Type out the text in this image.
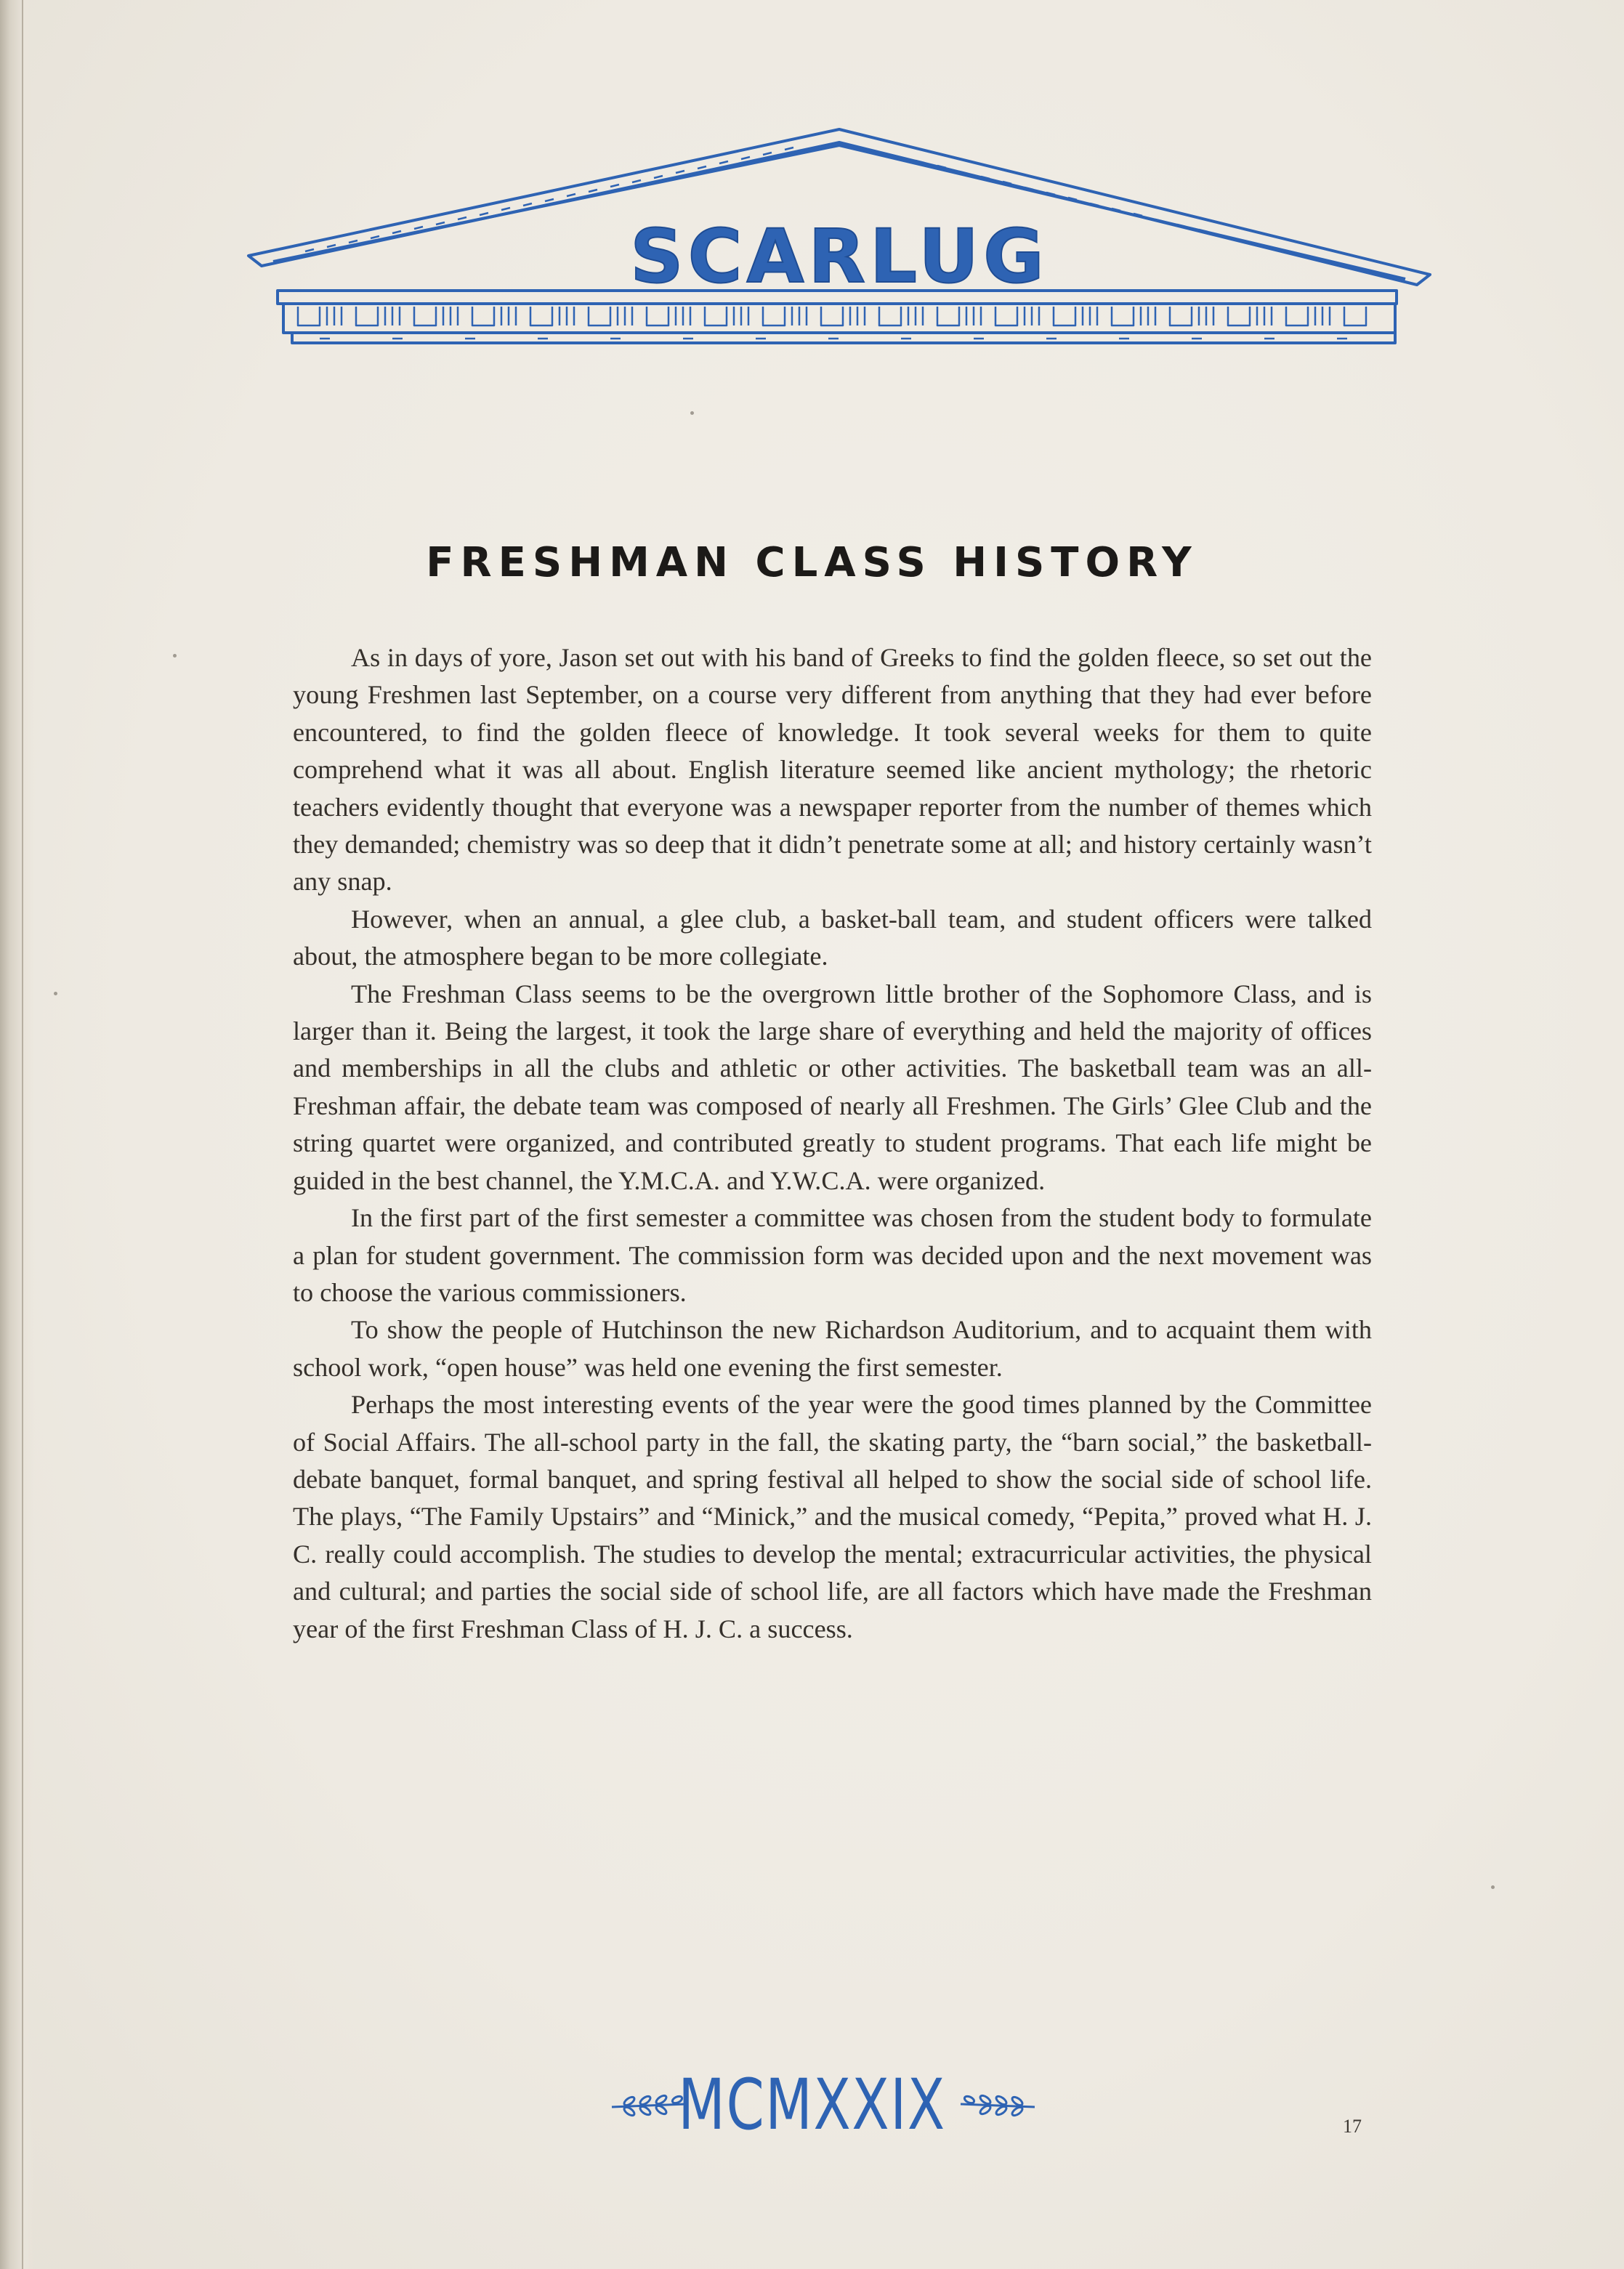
SCARLUG
FRESHMAN CLASS HISTORY

As in days of yore, Jason set out with his band of Greeks to find the golden fleece, so set out the young Freshmen last September, on a course very different from anything that they had ever before encountered, to find the golden fleece of knowledge. It took several weeks for them to quite comprehend what it was all about. English literature seemed like ancient mythology; the rhetoric teachers evidently thought that everyone was a newspaper reporter from the number of themes which they demanded; chemistry was so deep that it didn’t penetrate some at all; and history certainly wasn’t any snap.

However, when an annual, a glee club, a basket-ball team, and student officers were talked about, the atmosphere began to be more collegiate.

The Freshman Class seems to be the overgrown little brother of the Sophomore Class, and is larger than it. Being the largest, it took the large share of everything and held the majority of offices and memberships in all the clubs and athletic or other activities. The basketball team was an all-Freshman affair, the debate team was composed of nearly all Freshmen. The Girls’ Glee Club and the string quartet were organized, and contributed greatly to student programs. That each life might be guided in the best channel, the Y.M.C.A. and Y.W.C.A. were organized.

In the first part of the first semester a committee was chosen from the student body to formulate a plan for student government. The commission form was decided upon and the next movement was to choose the various commissioners.

To show the people of Hutchinson the new Richardson Auditorium, and to acquaint them with school work, “open house” was held one evening the first semester.

Perhaps the most interesting events of the year were the good times planned by the Committee of Social Affairs. The all-school party in the fall, the skating party, the “barn social,” the basketball-debate banquet, formal banquet, and spring festival all helped to show the social side of school life. The plays, “The Family Upstairs” and “Minick,” and the musical comedy, “Pepita,” proved what H. J. C. really could accomplish. The studies to develop the mental; extracurricular activities, the physical and cultural; and parties the social side of school life, are all factors which have made the Freshman year of the first Freshman Class of H. J. C. a success.

MCMXXIX	17
